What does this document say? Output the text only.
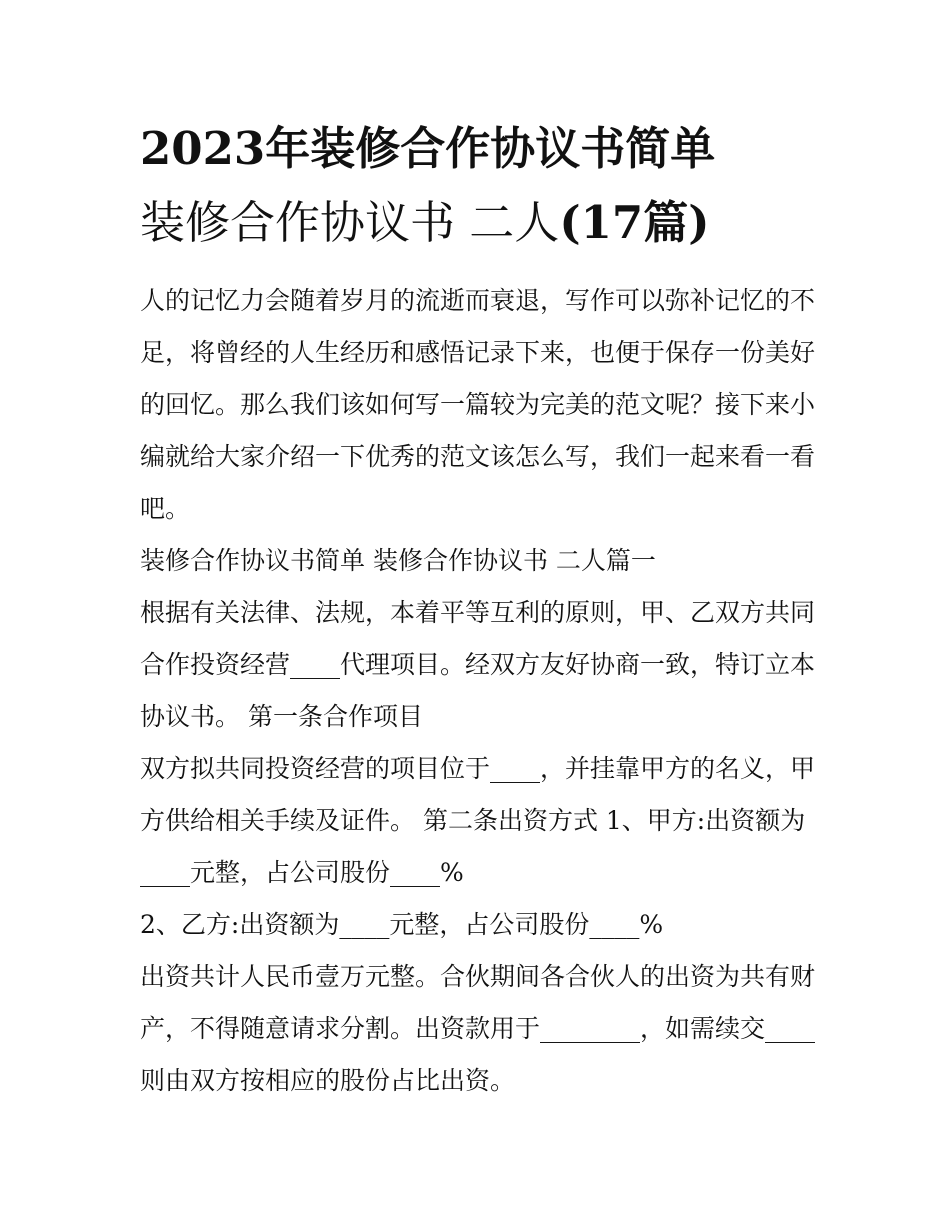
2023年装修合作协议书简单
装修合作协议书 二人(17篇)

人的记忆力会随着岁月的流逝而衰退，写作可以弥补记忆的不
足，将曾经的人生经历和感悟记录下来，也便于保存一份美好
的回忆。那么我们该如何写一篇较为完美的范文呢？接下来小
编就给大家介绍一下优秀的范文该怎么写，我们一起来看一看
吧。

装修合作协议书简单 装修合作协议书 二人篇一

根据有关法律、法规，本着平等互利的原则，甲、乙双方共同
合作投资经营____代理项目。经双方友好协商一致，特订立本
协议书。 第一条合作项目

双方拟共同投资经营的项目位于____，并挂靠甲方的名义，甲
方供给相关手续及证件。 第二条出资方式 1、甲方:出资额为
____元整，占公司股份____%

2、乙方:出资额为____元整，占公司股份____%

出资共计人民币壹万元整。合伙期间各合伙人的出资为共有财
产，不得随意请求分割。出资款用于________，如需续交____
则由双方按相应的股份占比出资。
